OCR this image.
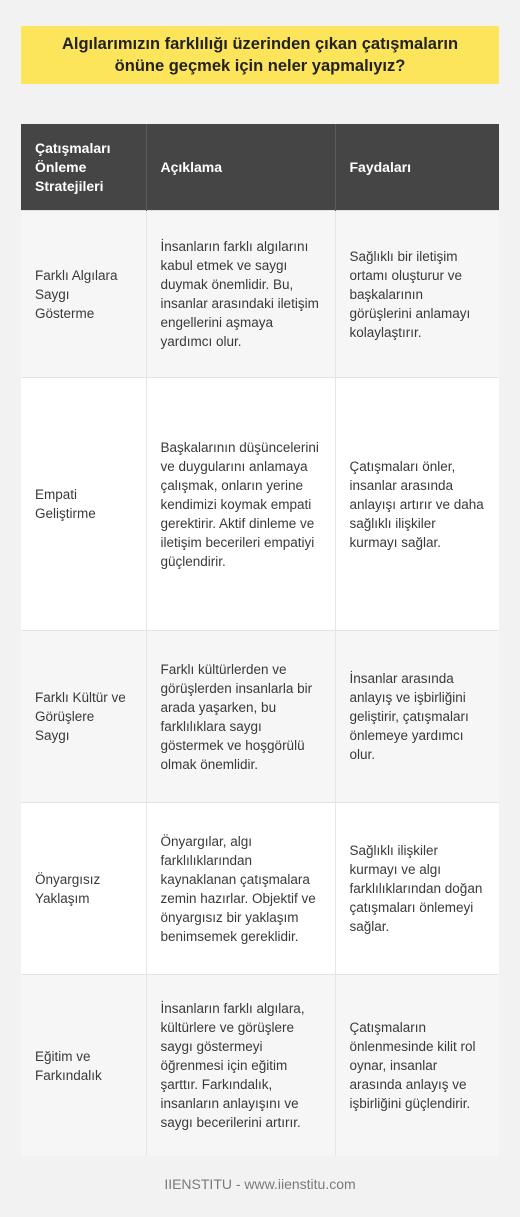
Algılarımızın farklılığı üzerinden çıkan çatışmaların önüne geçmek için neler yapmalıyız?
Çatışmaları Önleme Stratejileri	Açıklama	Faydaları
Farklı Algılara Saygı Gösterme	İnsanların farklı algılarını kabul etmek ve saygı duymak önemlidir. Bu, insanlar arasındaki iletişim engellerini aşmaya yardımcı olur.	Sağlıklı bir iletişim ortamı oluşturur ve başkalarının görüşlerini anlamayı kolaylaştırır.
Empati Geliştirme	Başkalarının düşüncelerini ve duygularını anlamaya çalışmak, onların yerine kendimizi koymak empati gerektirir. Aktif dinleme ve iletişim becerileri empatiyi güçlendirir.	Çatışmaları önler, insanlar arasında anlayışı artırır ve daha sağlıklı ilişkiler kurmayı sağlar.
Farklı Kültür ve Görüşlere Saygı	Farklı kültürlerden ve görüşlerden insanlarla bir arada yaşarken, bu farklılıklara saygı göstermek ve hoşgörülü olmak önemlidir.	İnsanlar arasında anlayış ve işbirliğini geliştirir, çatışmaları önlemeye yardımcı olur.
Önyargısız Yaklaşım	Önyargılar, algı farklılıklarından kaynaklanan çatışmalara zemin hazırlar. Objektif ve önyargısız bir yaklaşım benimsemek gereklidir.	Sağlıklı ilişkiler kurmayı ve algı farklılıklarından doğan çatışmaları önlemeyi sağlar.
Eğitim ve Farkındalık	İnsanların farklı algılara, kültürlere ve görüşlere saygı göstermeyi öğrenmesi için eğitim şarttır. Farkındalık, insanların anlayışını ve saygı becerilerini artırır.	Çatışmaların önlenmesinde kilit rol oynar, insanlar arasında anlayış ve işbirliğini güçlendirir.
IIENSTITU - www.iienstitu.com
